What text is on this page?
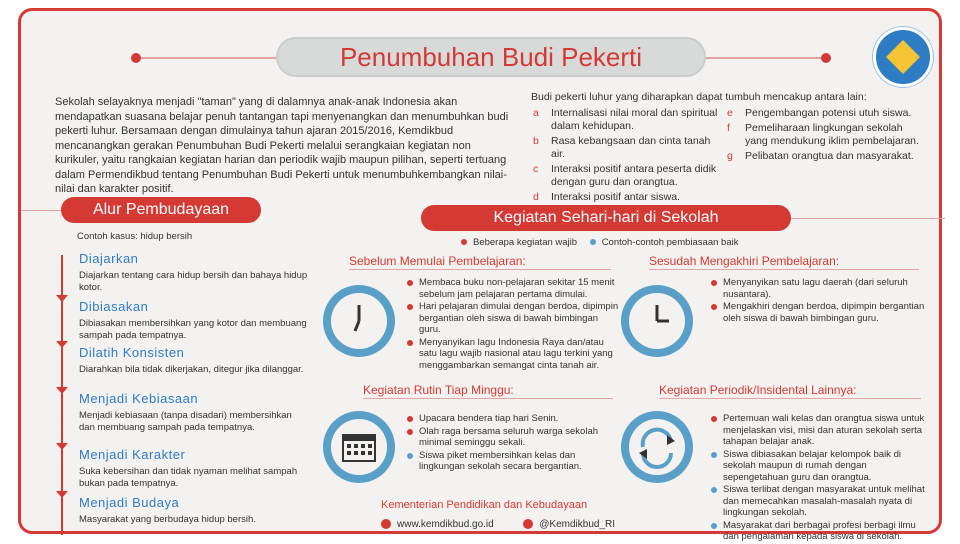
Penumbuhan Budi Pekerti

Sekolah selayaknya menjadi "taman" yang di dalamnya anak-anak Indonesia akan mendapatkan suasana belajar penuh tantangan tapi menyenangkan dan menumbuhkan budi pekerti luhur. Bersamaan dengan dimulainya tahun ajaran 2015/2016, Kemdikbud mencanangkan gerakan Penumbuhan Budi Pekerti melalui serangkaian kegiatan non kurikuler, yaitu rangkaian kegiatan harian dan periodik wajib maupun pilihan, seperti tertuang dalam Permendikbud tentang Penumbuhan Budi Pekerti untuk menumbuhkembangkan nilai-nilai dan karakter positif.

Budi pekerti luhur yang diharapkan dapat tumbuh mencakup antara lain:
a Internalisasi nilai moral dan spiritual dalam kehidupan.
b Rasa kebangsaan dan cinta tanah air.
c Interaksi positif antara peserta didik dengan guru dan orangtua.
d Interaksi positif antar siswa.
e Pengembangan potensi utuh siswa.
f Pemeliharaan lingkungan sekolah yang mendukung iklim pembelajaran.
g Pelibatan orangtua dan masyarakat.
Alur Pembudayaan
Contoh kasus: hidup bersih
Diajarkan

Diajarkan tentang cara hidup bersih dan bahaya hidup kotor.

Dibiasakan

Dibiasakan membersihkan yang kotor dan membuang sampah pada tempatnya.

Dilatih Konsisten

Diarahkan bila tidak dikerjakan, ditegur jika dilanggar.

Menjadi Kebiasaan

Menjadi kebiasaan (tanpa disadari) membersihkan dan membuang sampah pada tempatnya.

Menjadi Karakter

Suka kebersihan dan tidak nyaman melihat sampah bukan pada tempatnya.

Menjadi Budaya

Masyarakat yang berbudaya hidup bersih.

Kegiatan Sehari-hari di Sekolah
Beberapa kegiatan wajib	Contoh-contoh pembiasaan baik
Sebelum Memulai Pembelajaran:	Sesudah Mengakhiri Pembelajaran:
Membaca buku non-pelajaran sekitar 15 menit sebelum jam pelajaran pertama dimulai.
Hari pelajaran dimulai dengan berdoa, dipimpin bergantian oleh siswa di bawah bimbingan guru.
Menyanyikan lagu Indonesia Raya dan/atau satu lagu wajib nasional atau lagu terkini yang menggambarkan semangat cinta tanah air.
Menyanyikan satu lagu daerah (dari seluruh nusantara).
Mengakhiri dengan berdoa, dipimpin bergantian oleh siswa di bawah bimbingan guru.
Kegiatan Rutin Tiap Minggu:	Kegiatan Periodik/Insidental Lainnya:
Upacara bendera tiap hari Senin.
Olah raga bersama seluruh warga sekolah minimal seminggu sekali.
Siswa piket membersihkan kelas dan lingkungan sekolah secara bergantian.
Pertemuan wali kelas dan orangtua siswa untuk menjelaskan visi, misi dan aturan sekolah serta tahapan belajar anak.
Siswa dibiasakan belajar kelompok baik di sekolah maupun di rumah dengan sepengetahuan guru dan orangtua.
Siswa terlibat dengan masyarakat untuk melihat dan memecahkan masalah-masalah nyata di lingkungan sekolah.
Masyarakat dari berbagai profesi berbagi ilmu dan pengalaman kepada siswa di sekolah.
Kementerian Pendidikan dan Kebudayaan
www.kemdikbud.go.id	@Kemdikbud_RI
